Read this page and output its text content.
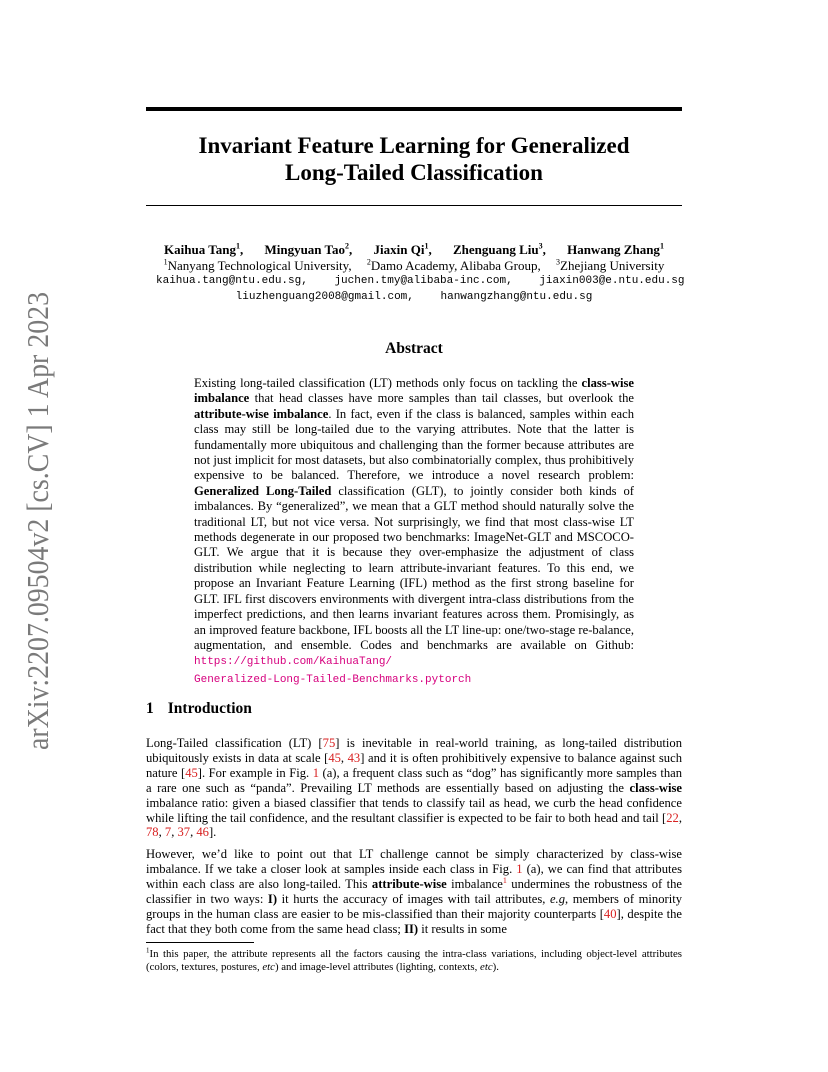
arXiv:2207.09504v2 [cs.CV] 1 Apr 2023
Invariant Feature Learning for Generalized
Long-Tailed Classification
Kaihua Tang$^1$, Mingyuan Tao$^2$, Jiaxin Qi$^1$, Zhenguang Liu$^3$, Hanwang Zhang$^1$
$^1$Nanyang Technological University, $^2$Damo Academy, Alibaba Group, $^3$Zhejiang University
kaihua.tang@ntu.edu.sg, juchen.tmy@alibaba-inc.com, jiaxin003@e.ntu.edu.sg
liuzhenguang2008@gmail.com, hanwangzhang@ntu.edu.sg
Abstract
Existing long-tailed classification (LT) methods only focus on tackling the class-wise imbalance that head classes have more samples than tail classes, but overlook the attribute-wise imbalance. In fact, even if the class is balanced, samples within each class may still be long-tailed due to the varying attributes. Note that the latter is fundamentally more ubiquitous and challenging than the former because attributes are not just implicit for most datasets, but also combinatorially complex, thus prohibitively expensive to be balanced. Therefore, we introduce a novel research problem: Generalized Long-Tailed classification (GLT), to jointly consider both kinds of imbalances. By “generalized”, we mean that a GLT method should naturally solve the traditional LT, but not vice versa. Not surprisingly, we find that most class-wise LT methods degenerate in our proposed two benchmarks: ImageNet-GLT and MSCOCO-GLT. We argue that it is because they over-emphasize the adjustment of class distribution while neglecting to learn attribute-invariant features. To this end, we propose an Invariant Feature Learning (IFL) method as the first strong baseline for GLT. IFL first discovers environments with divergent intra-class distributions from the imperfect predictions, and then learns invariant features across them. Promisingly, as an improved feature backbone, IFL boosts all the LT line-up: one/two-stage re-balance, augmentation, and ensemble. Codes and benchmarks are available on Github: https://github.com/KaihuaTang/
Generalized-Long-Tailed-Benchmarks.pytorch
1 Introduction

Long-Tailed classification (LT) [75] is inevitable in real-world training, as long-tailed distribution ubiquitously exists in data at scale [45, 43] and it is often prohibitively expensive to balance against such nature [45]. For example in Fig. 1 (a), a frequent class such as “dog” has significantly more samples than a rare one such as “panda”. Prevailing LT methods are essentially based on adjusting the class-wise imbalance ratio: given a biased classifier that tends to classify tail as head, we curb the head confidence while lifting the tail confidence, and the resultant classifier is expected to be fair to both head and tail [22, 78, 7, 37, 46].

However, we’d like to point out that LT challenge cannot be simply characterized by class-wise imbalance. If we take a closer look at samples inside each class in Fig. 1 (a), we can find that attributes within each class are also long-tailed. This attribute-wise imbalance$^1$ undermines the robustness of the classifier in two ways: I) it hurts the accuracy of images with tail attributes, e.g, members of minority groups in the human class are easier to be mis-classified than their majority counterparts [40], despite the fact that they both come from the same head class; II) it results in some

$^1$In this paper, the attribute represents all the factors causing the intra-class variations, including object-level attributes (colors, textures, postures, etc) and image-level attributes (lighting, contexts, etc).
